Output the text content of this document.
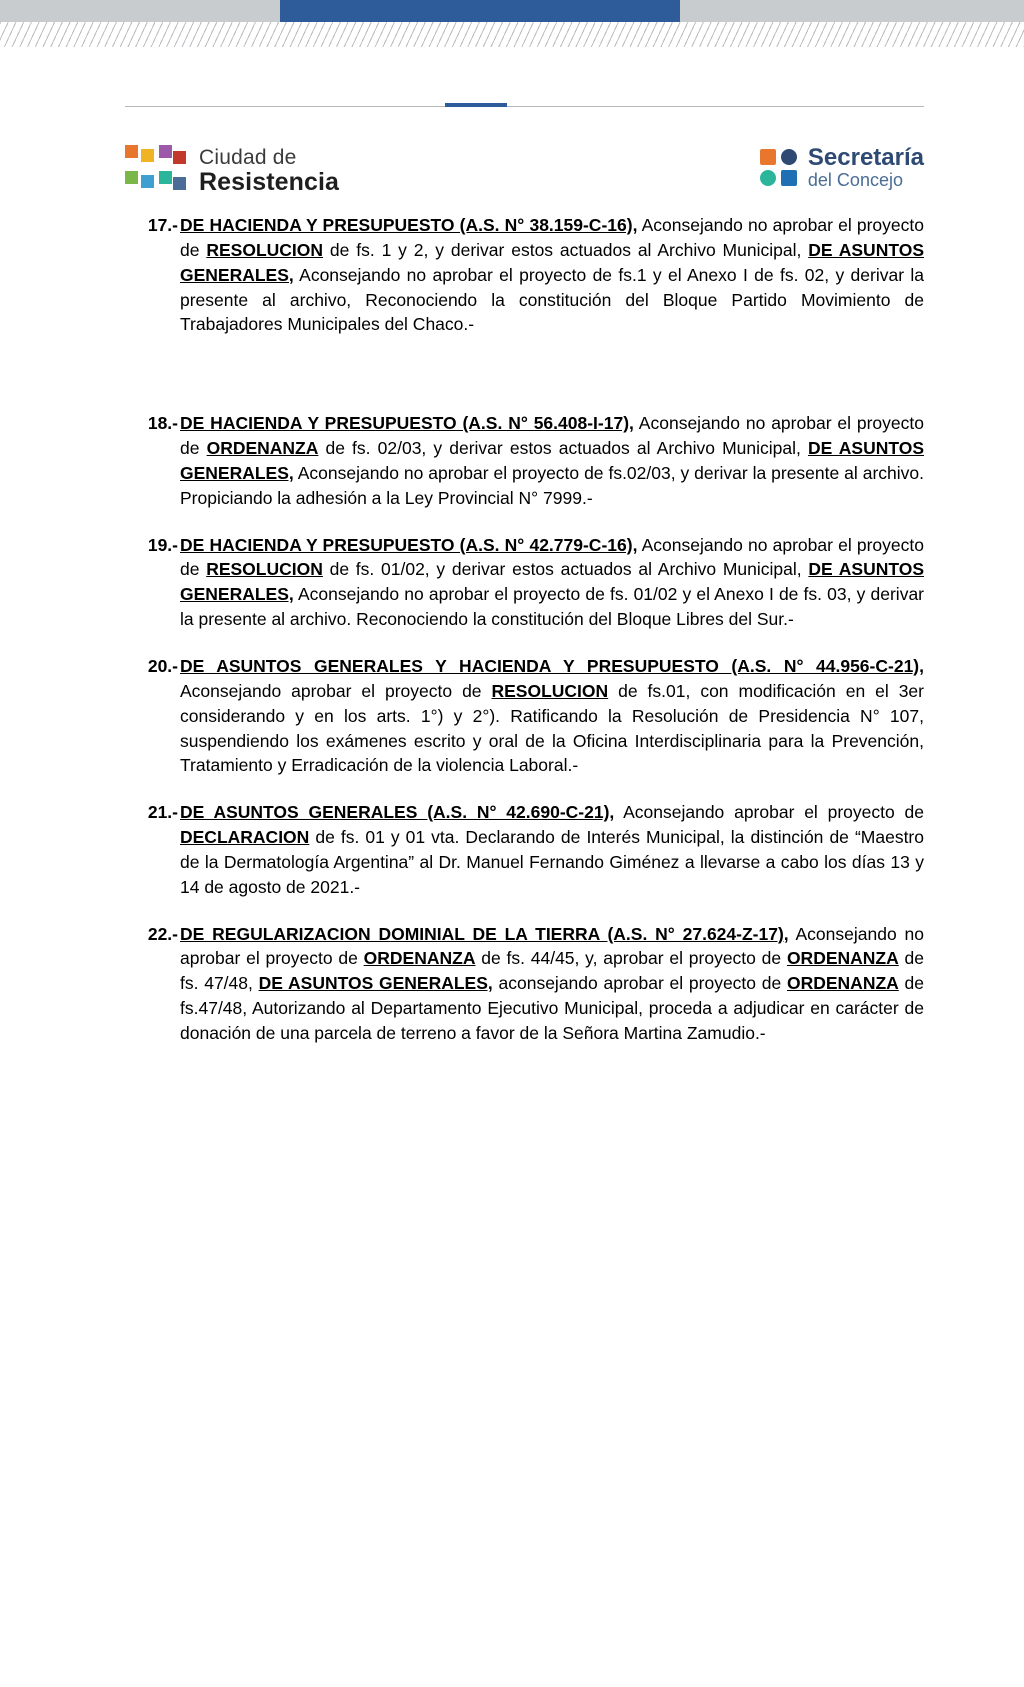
Ciudad de
Resistencia
Secretaría
del Concejo
17.- DE HACIENDA Y PRESUPUESTO (A.S. N° 38.159-C-16), Aconsejando no aprobar el proyecto de RESOLUCION de fs. 1 y 2, y derivar estos actuados al Archivo Municipal, DE ASUNTOS GENERALES, Aconsejando no aprobar el proyecto de fs.1 y el Anexo I de fs. 02, y derivar la presente al archivo, Reconociendo la constitución del Bloque Partido Movimiento de Trabajadores Municipales del Chaco.-
18.- DE HACIENDA Y PRESUPUESTO (A.S. N° 56.408-I-17), Aconsejando no aprobar el proyecto de ORDENANZA de fs. 02/03, y derivar estos actuados al Archivo Municipal, DE ASUNTOS GENERALES, Aconsejando no aprobar el proyecto de fs.02/03, y derivar la presente al archivo. Propiciando la adhesión a la Ley Provincial N° 7999.-
19.- DE HACIENDA Y PRESUPUESTO (A.S. N° 42.779-C-16), Aconsejando no aprobar el proyecto de RESOLUCION de fs. 01/02, y derivar estos actuados al Archivo Municipal, DE ASUNTOS GENERALES, Aconsejando no aprobar el proyecto de fs. 01/02 y el Anexo I de fs. 03, y derivar la presente al archivo. Reconociendo la constitución del Bloque Libres del Sur.-
20.- DE ASUNTOS GENERALES Y HACIENDA Y PRESUPUESTO (A.S. N° 44.956-C-21), Aconsejando aprobar el proyecto de RESOLUCION de fs.01, con modificación en el 3er considerando y en los arts. 1°) y 2°). Ratificando la Resolución de Presidencia N° 107, suspendiendo los exámenes escrito y oral de la Oficina Interdisciplinaria para la Prevención, Tratamiento y Erradicación de la violencia Laboral.-
21.- DE ASUNTOS GENERALES (A.S. N° 42.690-C-21), Aconsejando aprobar el proyecto de DECLARACION de fs. 01 y 01 vta. Declarando de Interés Municipal, la distinción de “Maestro de la Dermatología Argentina” al Dr. Manuel Fernando Giménez a llevarse a cabo los días 13 y 14 de agosto de 2021.-
22.- DE REGULARIZACION DOMINIAL DE LA TIERRA (A.S. N° 27.624-Z-17), Aconsejando no aprobar el proyecto de ORDENANZA de fs. 44/45, y, aprobar el proyecto de ORDENANZA de fs. 47/48, DE ASUNTOS GENERALES, aconsejando aprobar el proyecto de ORDENANZA de fs.47/48, Autorizando al Departamento Ejecutivo Municipal, proceda a adjudicar en carácter de donación de una parcela de terreno a favor de la Señora Martina Zamudio.-
